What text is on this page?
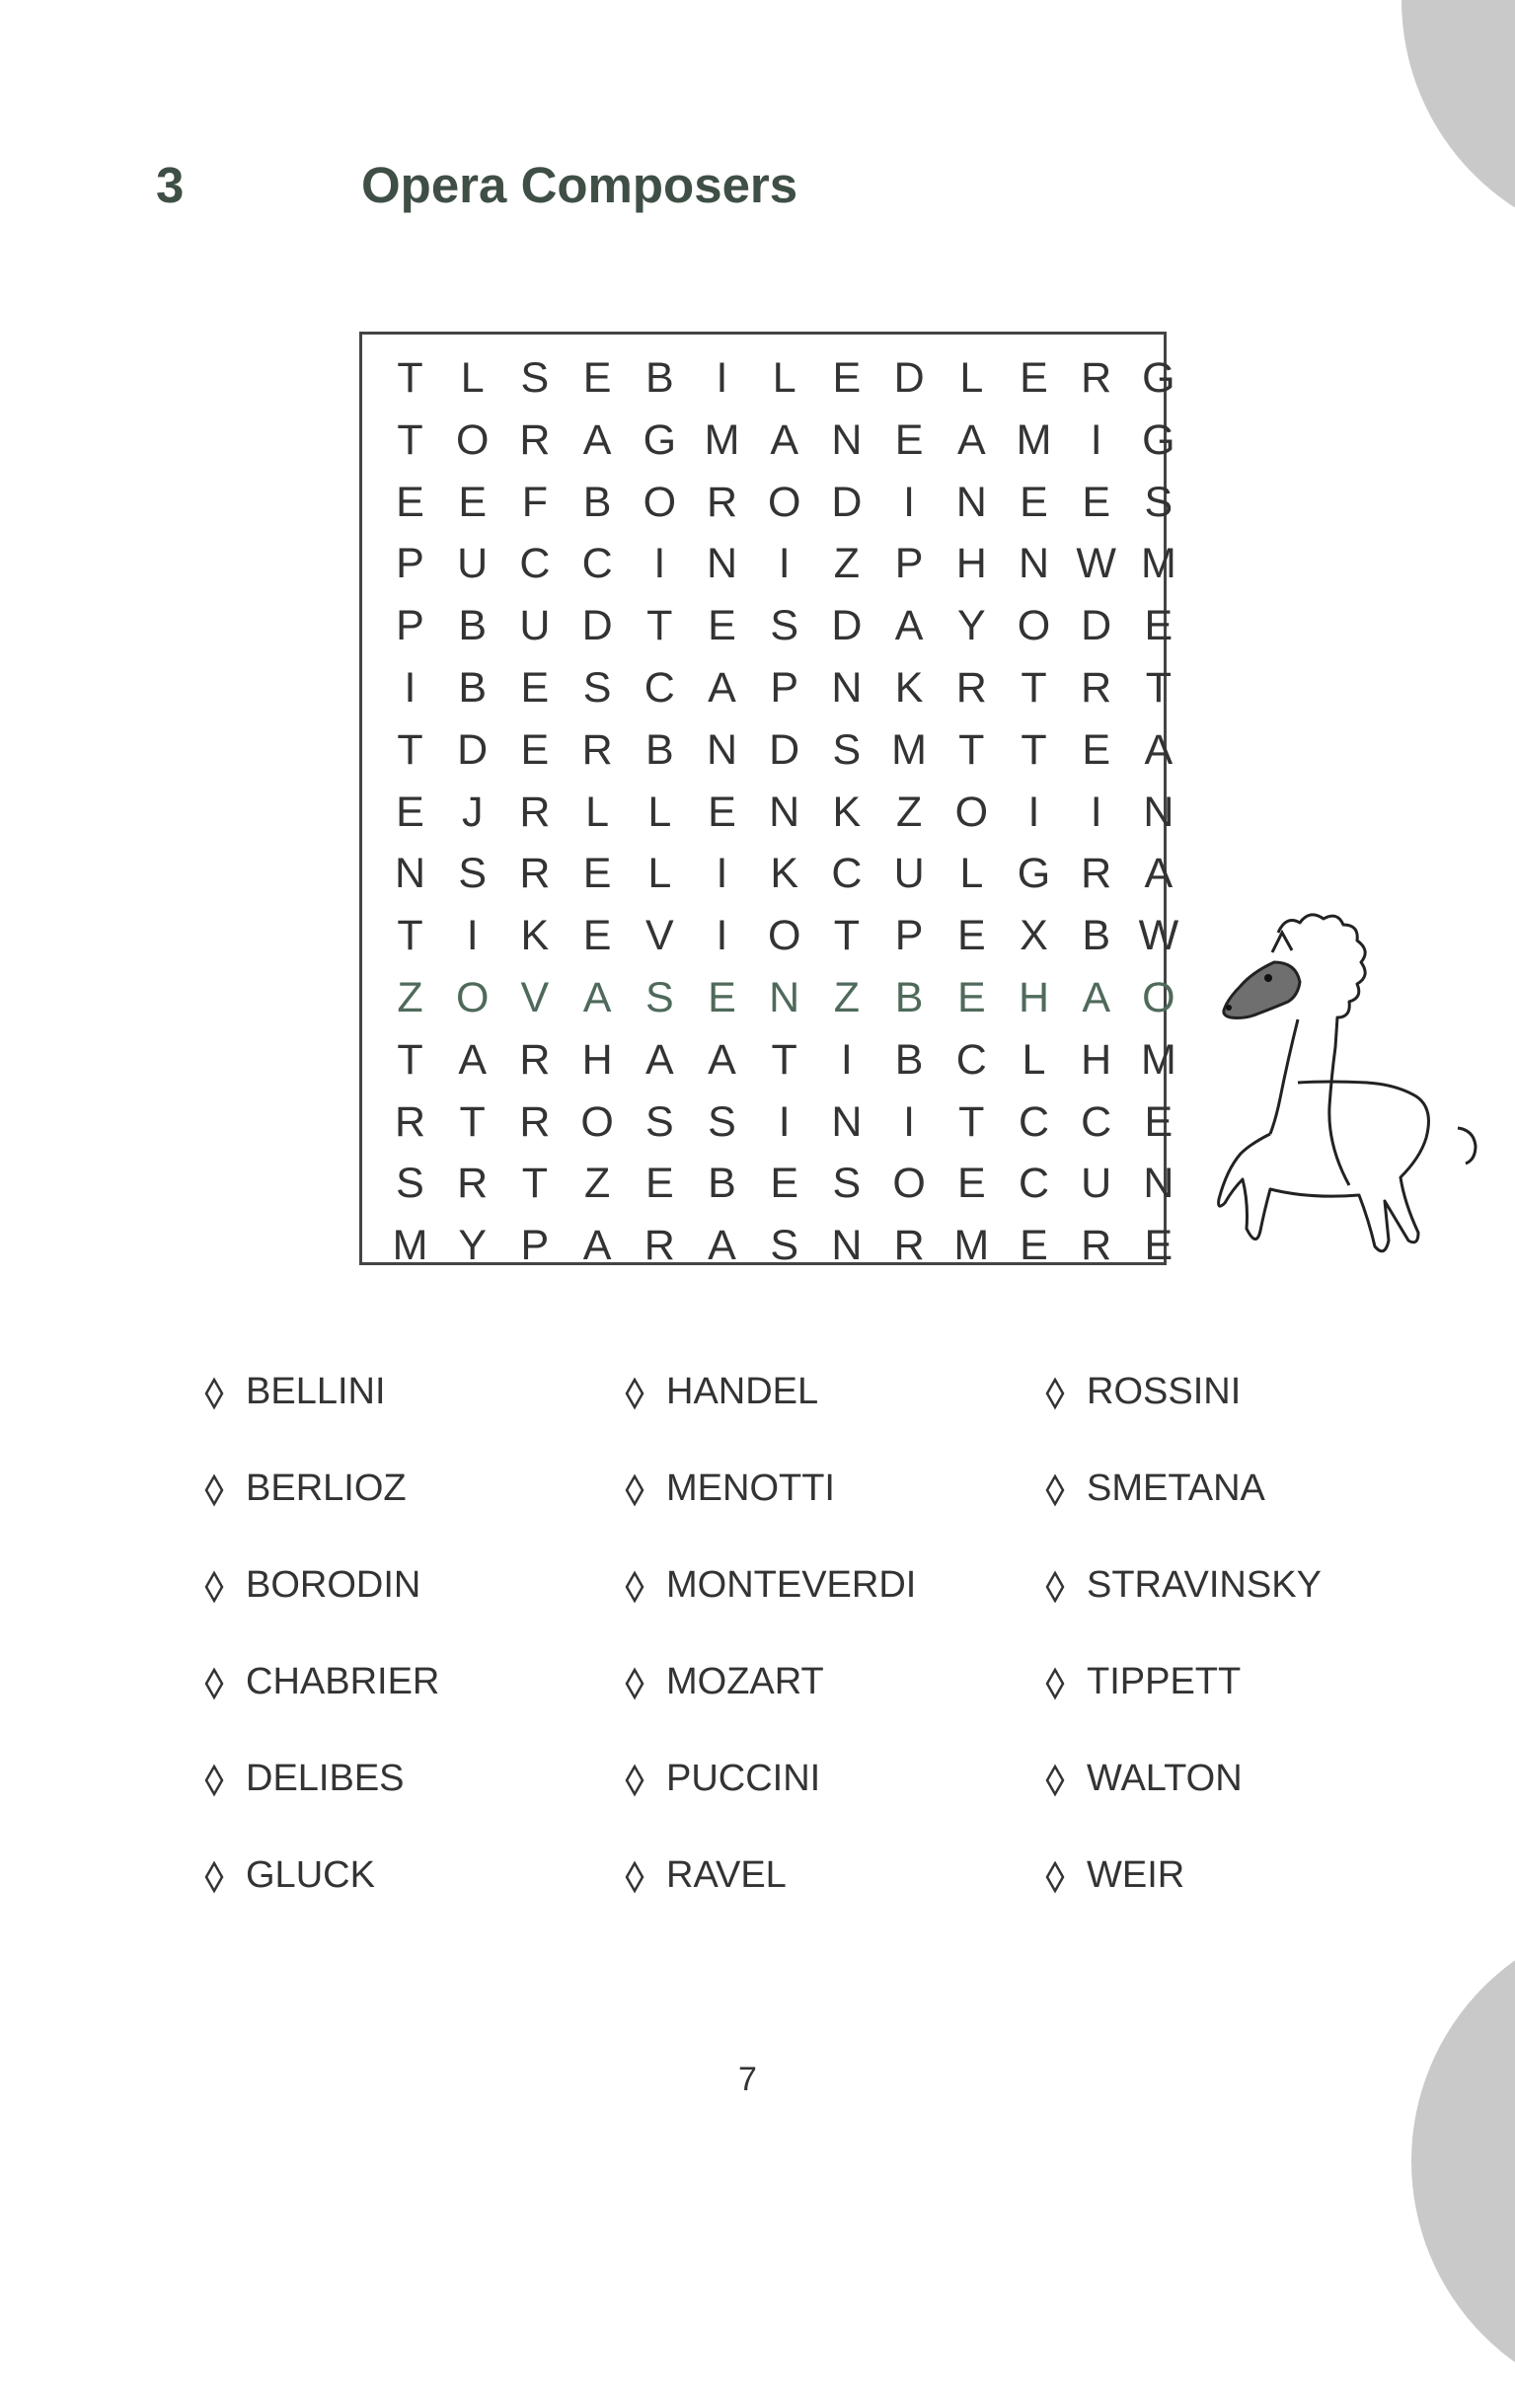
3	Opera Composers
T L S E B I	L E D L E R G
T O R A G M A N E A M I G
E E F B O R O D I N E E S
P U C C I N I	Z P H N W M
P B U D T E S D A Y O D E
I B E S C A P N K R T R T
T D E R B N D S M T T E A
E J R L L E N K Z O I	I N
N S R E L	I K C U L G R A
T	I K E V I O T P E X B W
Z O V A S E N Z B E H A O
T A R H A A T	I B C L H M
R T R O S S I N I	T C C E
S R T Z E B E S O E C U N
M Y P A R A S N R M E R E
BELLINI
BERLIOZ
BORODIN
CHABRIER
DELIBES
GLUCK
HANDEL
MENOTTI
MONTEVERDI
MOZART
PUCCINI
RAVEL
ROSSINI
SMETANA
STRAVINSKY
TIPPETT
WALTON
WEIR
7
